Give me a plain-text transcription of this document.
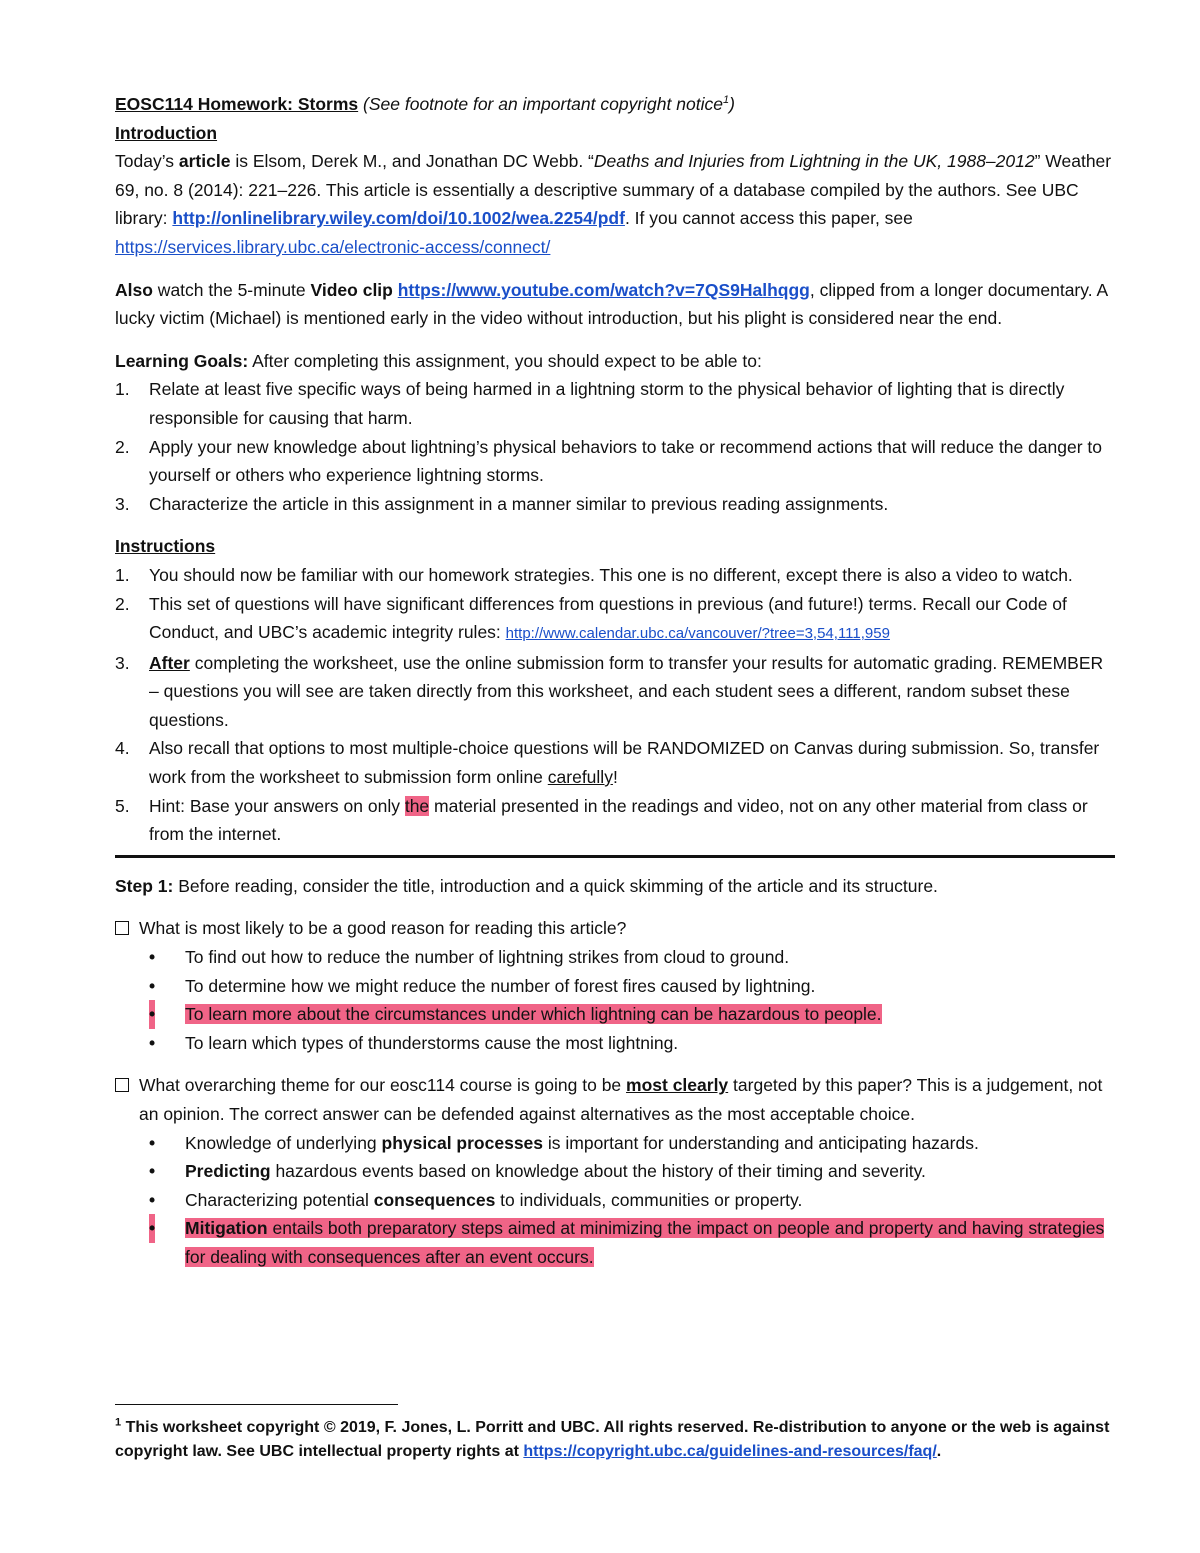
EOSC114 Homework: Storms (See footnote for an important copyright notice$^1$)

Introduction

Today’s article is Elsom, Derek M., and Jonathan DC Webb. “Deaths and Injuries from Lightning in the UK, 1988–2012” Weather 69, no. 8 (2014): 221–226. This article is essentially a descriptive summary of a database compiled by the authors. See UBC library: http://onlinelibrary.wiley.com/doi/10.1002/wea.2254/pdf. If you cannot access this paper, see https://services.library.ubc.ca/electronic-access/connect/

Also watch the 5-minute Video clip https://www.youtube.com/watch?v=7QS9Halhqgg, clipped from a longer documentary. A lucky victim (Michael) is mentioned early in the video without introduction, but his plight is considered near the end.

Learning Goals: After completing this assignment, you should expect to be able to:

1. Relate at least five specific ways of being harmed in a lightning storm to the physical behavior of lighting that is directly responsible for causing that harm.
2. Apply your new knowledge about lightning’s physical behaviors to take or recommend actions that will reduce the danger to yourself or others who experience lightning storms.
3. Characterize the article in this assignment in a manner similar to previous reading assignments.

Instructions

1. You should now be familiar with our homework strategies. This one is no different, except there is also a video to watch.
2. This set of questions will have significant differences from questions in previous (and future!) terms. Recall our Code of Conduct, and UBC’s academic integrity rules: http://www.calendar.ubc.ca/vancouver/?tree=3,54,111,959
3. After completing the worksheet, use the online submission form to transfer your results for automatic grading. REMEMBER – questions you will see are taken directly from this worksheet, and each student sees a different, random subset these questions.
4. Also recall that options to most multiple-choice questions will be RANDOMIZED on Canvas during submission. So, transfer work from the worksheet to submission form online carefully!
5. Hint: Base your answers on only the material presented in the readings and video, not on any other material from class or from the internet.

Step 1: Before reading, consider the title, introduction and a quick skimming of the article and its structure.

What is most likely to be a good reason for reading this article?
• To find out how to reduce the number of lightning strikes from cloud to ground.
• To determine how we might reduce the number of forest fires caused by lightning.
• To learn more about the circumstances under which lightning can be hazardous to people.
• To learn which types of thunderstorms cause the most lightning.
What overarching theme for our eosc114 course is going to be most clearly targeted by this paper? This is a judgement, not an opinion. The correct answer can be defended against alternatives as the most acceptable choice.
• Knowledge of underlying physical processes is important for understanding and anticipating hazards.
• Predicting hazardous events based on knowledge about the history of their timing and severity.
• Characterizing potential consequences to individuals, communities or property.
• Mitigation entails both preparatory steps aimed at minimizing the impact on people and property and having strategies for dealing with consequences after an event occurs.
$^1$ This worksheet copyright © 2019, F. Jones, L. Porritt and UBC. All rights reserved. Re-distribution to anyone or the web is against copyright law. See UBC intellectual property rights at https://copyright.ubc.ca/guidelines-and-resources/faq/.
